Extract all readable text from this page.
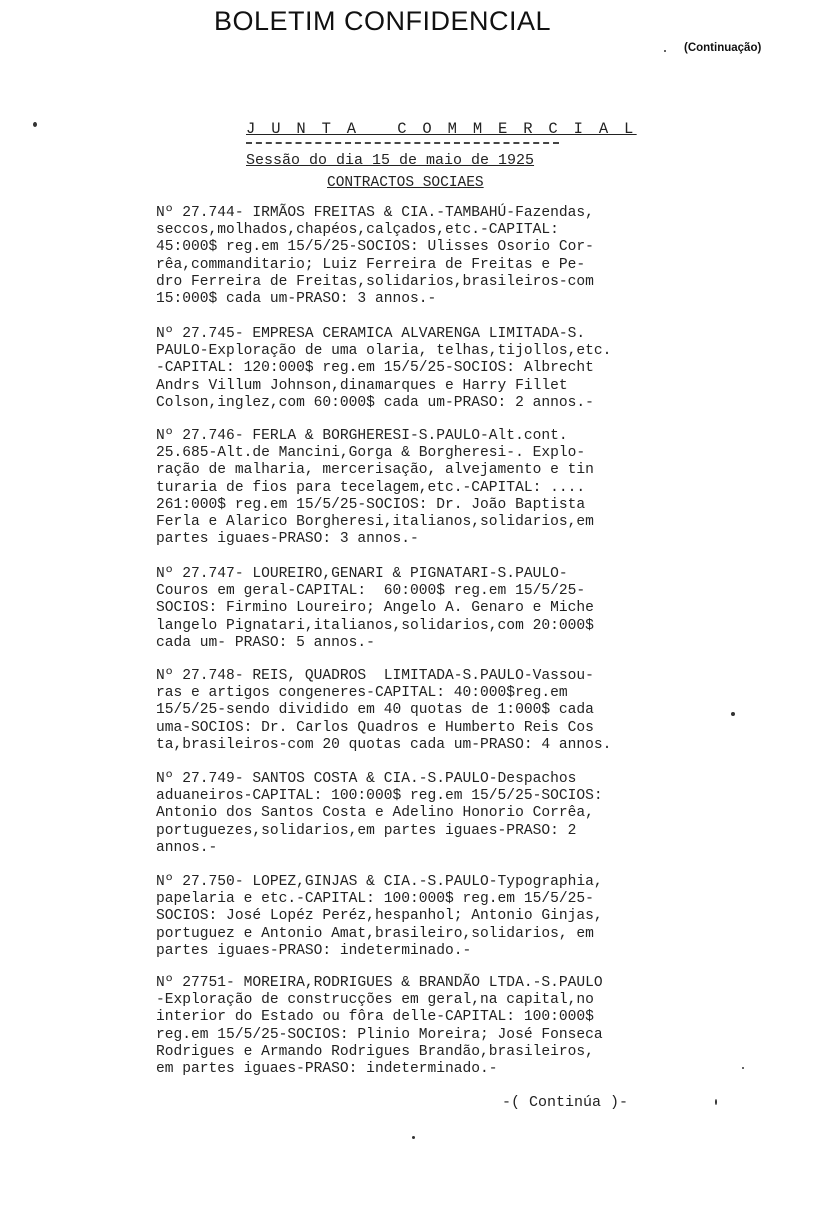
BOLETIM CONFIDENCIAL
(Continuação)
J U N T A   C O M M E R C I A L
Sessão do dia 15 de maio de 1925
CONTRACTOS SOCIAES
Nº 27.744- IRMÃOS FREITAS & CIA.-TAMBAHÚ-Fazendas,
seccos,molhados,chapéos,calçados,etc.-CAPITAL:
45:000$ reg.em 15/5/25-SOCIOS: Ulisses Osorio Cor-
rêa,commanditario; Luiz Ferreira de Freitas e Pe-
dro Ferreira de Freitas,solidarios,brasileiros-com
15:000$ cada um-PRASO: 3 annos.-
Nº 27.745- EMPRESA CERAMICA ALVARENGA LIMITADA-S.
PAULO-Exploração de uma olaria, telhas,tijollos,etc.
-CAPITAL: 120:000$ reg.em 15/5/25-SOCIOS: Albrecht
Andrs Villum Johnson,dinamarques e Harry Fillet
Colson,inglez,com 60:000$ cada um-PRASO: 2 annos.-
Nº 27.746- FERLA & BORGHERESI-S.PAULO-Alt.cont.
25.685-Alt.de Mancini,Gorga & Borgheresi-. Explo-
ração de malharia, mercerisação, alvejamento e tin
turaria de fios para tecelagem,etc.-CAPITAL: ....
261:000$ reg.em 15/5/25-SOCIOS: Dr. João Baptista
Ferla e Alarico Borgheresi,italianos,solidarios,em
partes iguaes-PRASO: 3 annos.-
Nº 27.747- LOUREIRO,GENARI & PIGNATARI-S.PAULO-
Couros em geral-CAPITAL:  60:000$ reg.em 15/5/25-
SOCIOS: Firmino Loureiro; Angelo A. Genaro e Miche
langelo Pignatari,italianos,solidarios,com 20:000$
cada um- PRASO: 5 annos.-
Nº 27.748- REIS, QUADROS  LIMITADA-S.PAULO-Vassou-
ras e artigos congeneres-CAPITAL: 40:000$reg.em
15/5/25-sendo dividido em 40 quotas de 1:000$ cada
uma-SOCIOS: Dr. Carlos Quadros e Humberto Reis Cos
ta,brasileiros-com 20 quotas cada um-PRASO: 4 annos.
Nº 27.749- SANTOS COSTA & CIA.-S.PAULO-Despachos
aduaneiros-CAPITAL: 100:000$ reg.em 15/5/25-SOCIOS:
Antonio dos Santos Costa e Adelino Honorio Corrêa,
portuguezes,solidarios,em partes iguaes-PRASO: 2
annos.-
Nº 27.750- LOPEZ,GINJAS & CIA.-S.PAULO-Typographia,
papelaria e etc.-CAPITAL: 100:000$ reg.em 15/5/25-
SOCIOS: José Lopéz Peréz,hespanhol; Antonio Ginjas,
portuguez e Antonio Amat,brasileiro,solidarios, em
partes iguaes-PRASO: indeterminado.-
Nº 27751- MOREIRA,RODRIGUES & BRANDÃO LTDA.-S.PAULO
-Exploração de construcções em geral,na capital,no
interior do Estado ou fôra delle-CAPITAL: 100:000$
reg.em 15/5/25-SOCIOS: Plinio Moreira; José Fonseca
Rodrigues e Armando Rodrigues Brandão,brasileiros,
em partes iguaes-PRASO: indeterminado.-
-( Continúa )-
